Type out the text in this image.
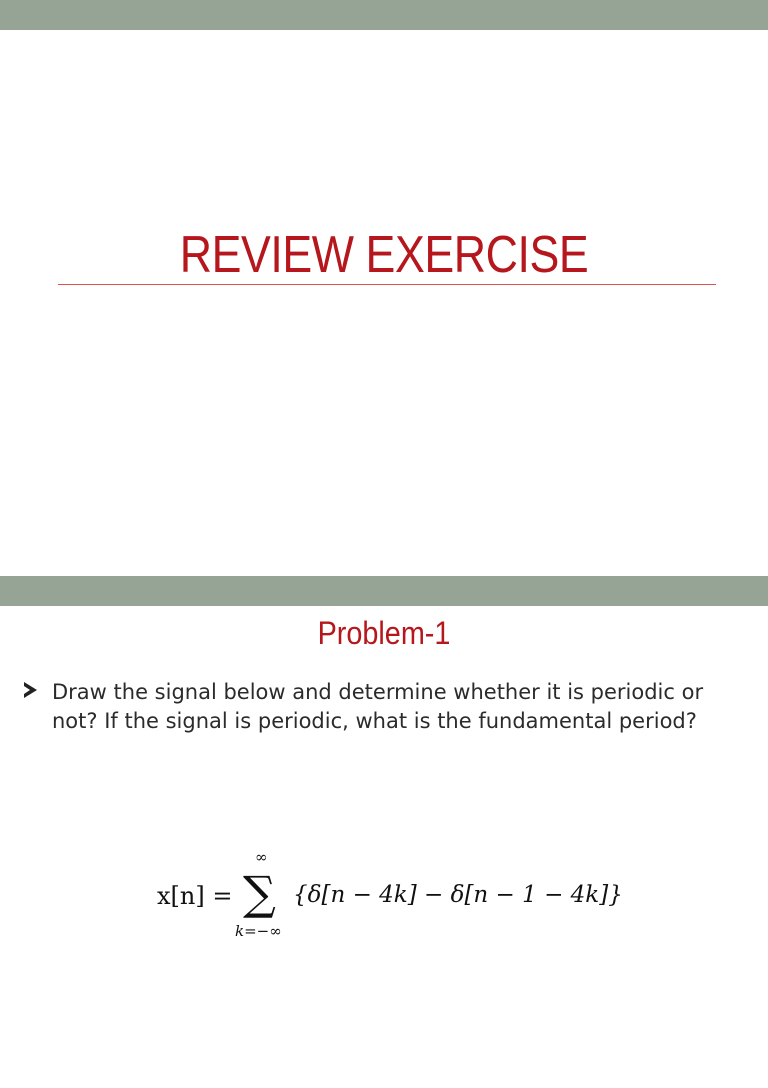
REVIEW EXERCISE
Problem-1
Draw the signal below and determine whether it is periodic or not? If the signal is periodic, what is the fundamental period?
x[n] =
∞
∑
k=−∞
{δ[n − 4k] − δ[n − 1 − 4k]}
